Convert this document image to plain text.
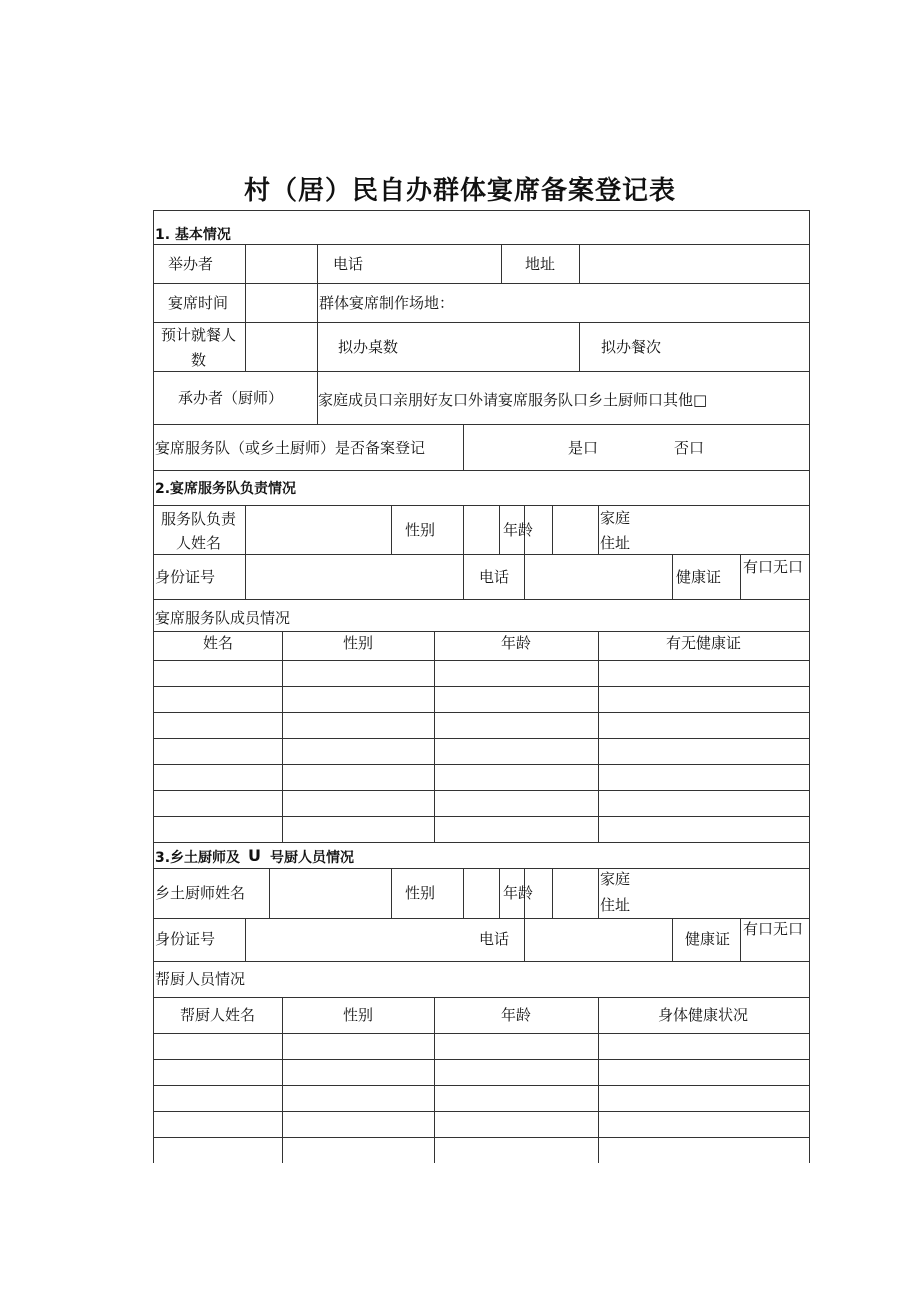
村（居）民自办群体宴席备案登记表
1. 基本情况
举办者	电话	地址
宴席时间	群体宴席制作场地：
预计就餐人
数
拟办桌数	拟办餐次
承办者（厨师） 家庭成员口亲朋好友口外请宴席服务队口乡土厨师口其他□
宴席服务队（或乡土厨师）是否备案登记	是口	否口
2.宴席服务队负责情况
服务队负责
人姓名
性别	年龄
家庭
住址
身份证号	电话	健康证
有口无口
宴席服务队成员情况
姓名	性别	年龄	有无健康证
3.乡土厨师及 U 号厨人员情况
乡土厨师姓名	性别	年龄
家庭
住址
身份证号	电话	健康证
有口无口
帮厨人员情况
帮厨人姓名	性别	年龄	身体健康状况
